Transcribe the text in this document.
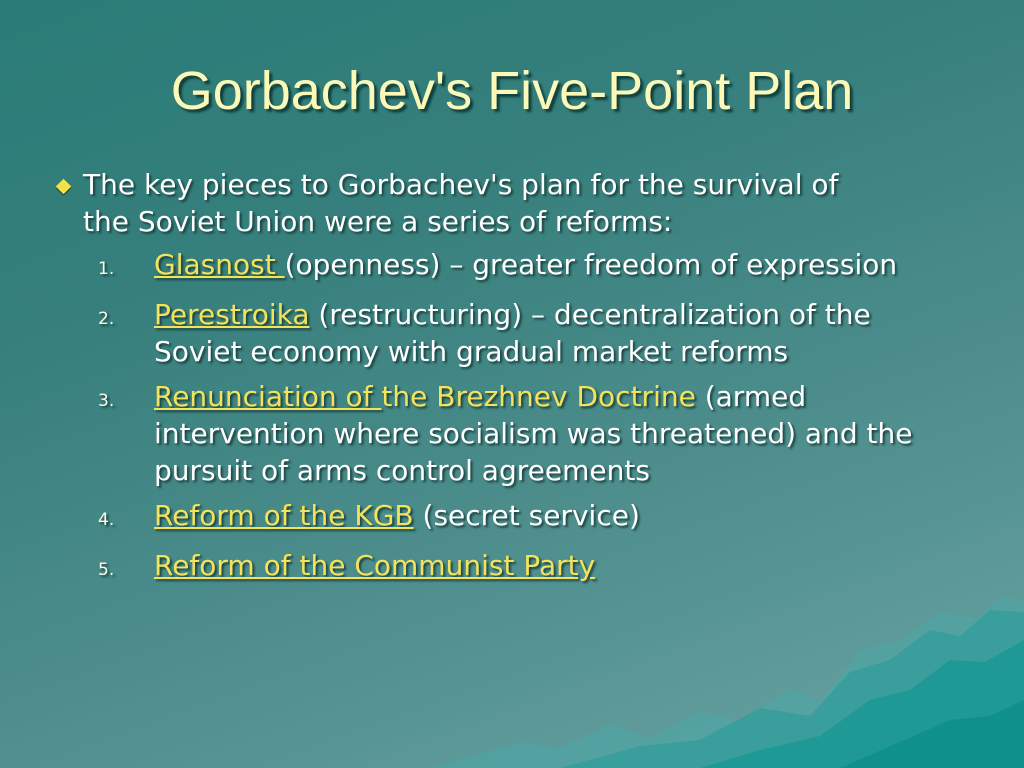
Gorbachev's Five-Point Plan
The key pieces to Gorbachev's plan for the survival of the Soviet Union were a series of reforms:
1.	Glasnost (openness) – greater freedom of expression
2.	Perestroika (restructuring) – decentralization of the Soviet economy with gradual market reforms
3.	Renunciation of the Brezhnev Doctrine (armed intervention where socialism was threatened) and the pursuit of arms control agreements
4.	Reform of the KGB (secret service)
5.	Reform of the Communist Party
